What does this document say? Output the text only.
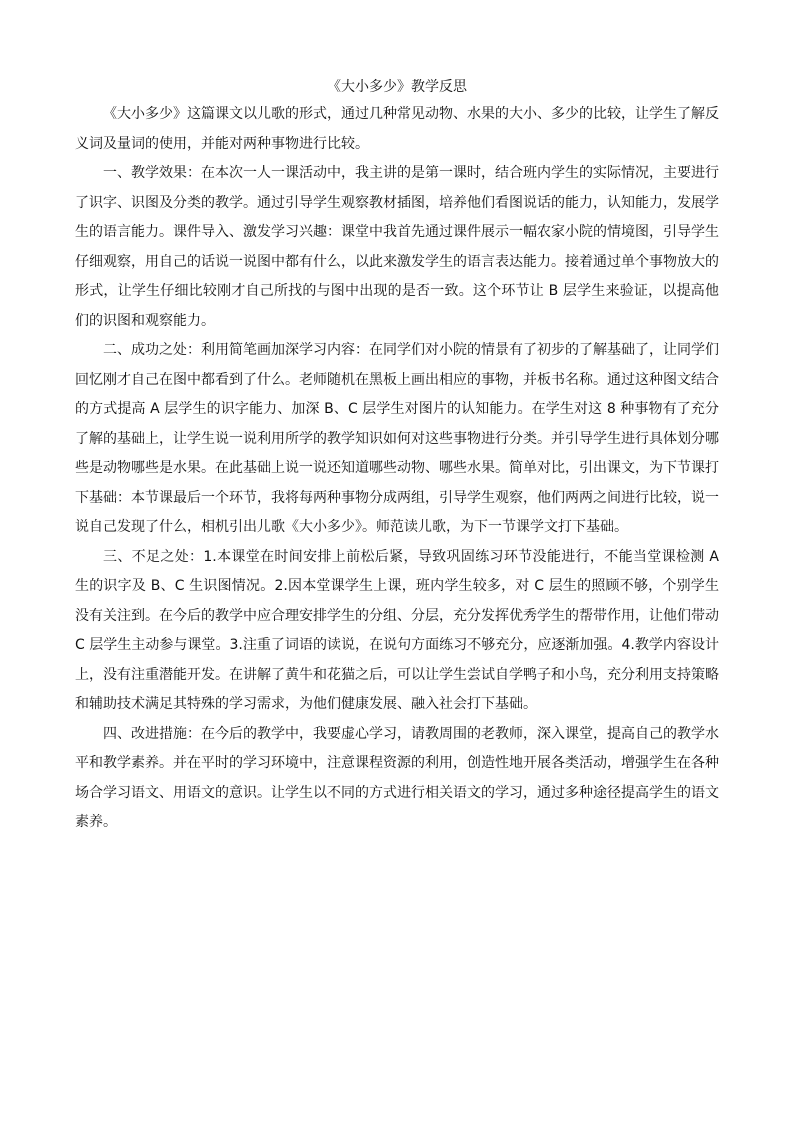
《大小多少》教学反思

《大小多少》这篇课文以儿歌的形式，通过几种常见动物、水果的大小、多少的比较，让学生了解反义词及量词的使用，并能对两种事物进行比较。

一、教学效果：在本次一人一课活动中，我主讲的是第一课时，结合班内学生的实际情况，主要进行了识字、识图及分类的教学。通过引导学生观察教材插图，培养他们看图说话的能力，认知能力，发展学生的语言能力。课件导入、激发学习兴趣：课堂中我首先通过课件展示一幅农家小院的情境图，引导学生仔细观察，用自己的话说一说图中都有什么，以此来激发学生的语言表达能力。接着通过单个事物放大的形式，让学生仔细比较刚才自己所找的与图中出现的是否一致。这个环节让 B 层学生来验证，以提高他们的识图和观察能力。

二、成功之处：利用简笔画加深学习内容：在同学们对小院的情景有了初步的了解基础了，让同学们回忆刚才自己在图中都看到了什么。老师随机在黑板上画出相应的事物，并板书名称。通过这种图文结合的方式提高 A 层学生的识字能力、加深 B、C 层学生对图片的认知能力。在学生对这 8 种事物有了充分了解的基础上，让学生说一说利用所学的教学知识如何对这些事物进行分类。并引导学生进行具体划分哪些是动物哪些是水果。在此基础上说一说还知道哪些动物、哪些水果。简单对比，引出课文，为下节课打下基础：本节课最后一个环节，我将每两种事物分成两组，引导学生观察，他们两两之间进行比较，说一说自己发现了什么，相机引出儿歌《大小多少》。师范读儿歌，为下一节课学文打下基础。

三、不足之处：1.本课堂在时间安排上前松后紧，导致巩固练习环节没能进行，不能当堂课检测 A 生的识字及 B、C 生识图情况。2.因本堂课学生上课，班内学生较多，对 C 层生的照顾不够，个别学生没有关注到。在今后的教学中应合理安排学生的分组、分层，充分发挥优秀学生的帮带作用，让他们带动 C 层学生主动参与课堂。3.注重了词语的读说，在说句方面练习不够充分，应逐渐加强。4.教学内容设计上，没有注重潜能开发。在讲解了黄牛和花猫之后，可以让学生尝试自学鸭子和小鸟，充分利用支持策略和辅助技术满足其特殊的学习需求，为他们健康发展、融入社会打下基础。

四、改进措施：在今后的教学中，我要虚心学习，请教周围的老教师，深入课堂，提高自己的教学水平和教学素养。并在平时的学习环境中，注意课程资源的利用，创造性地开展各类活动，增强学生在各种场合学习语文、用语文的意识。让学生以不同的方式进行相关语文的学习，通过多种途径提高学生的语文素养。
